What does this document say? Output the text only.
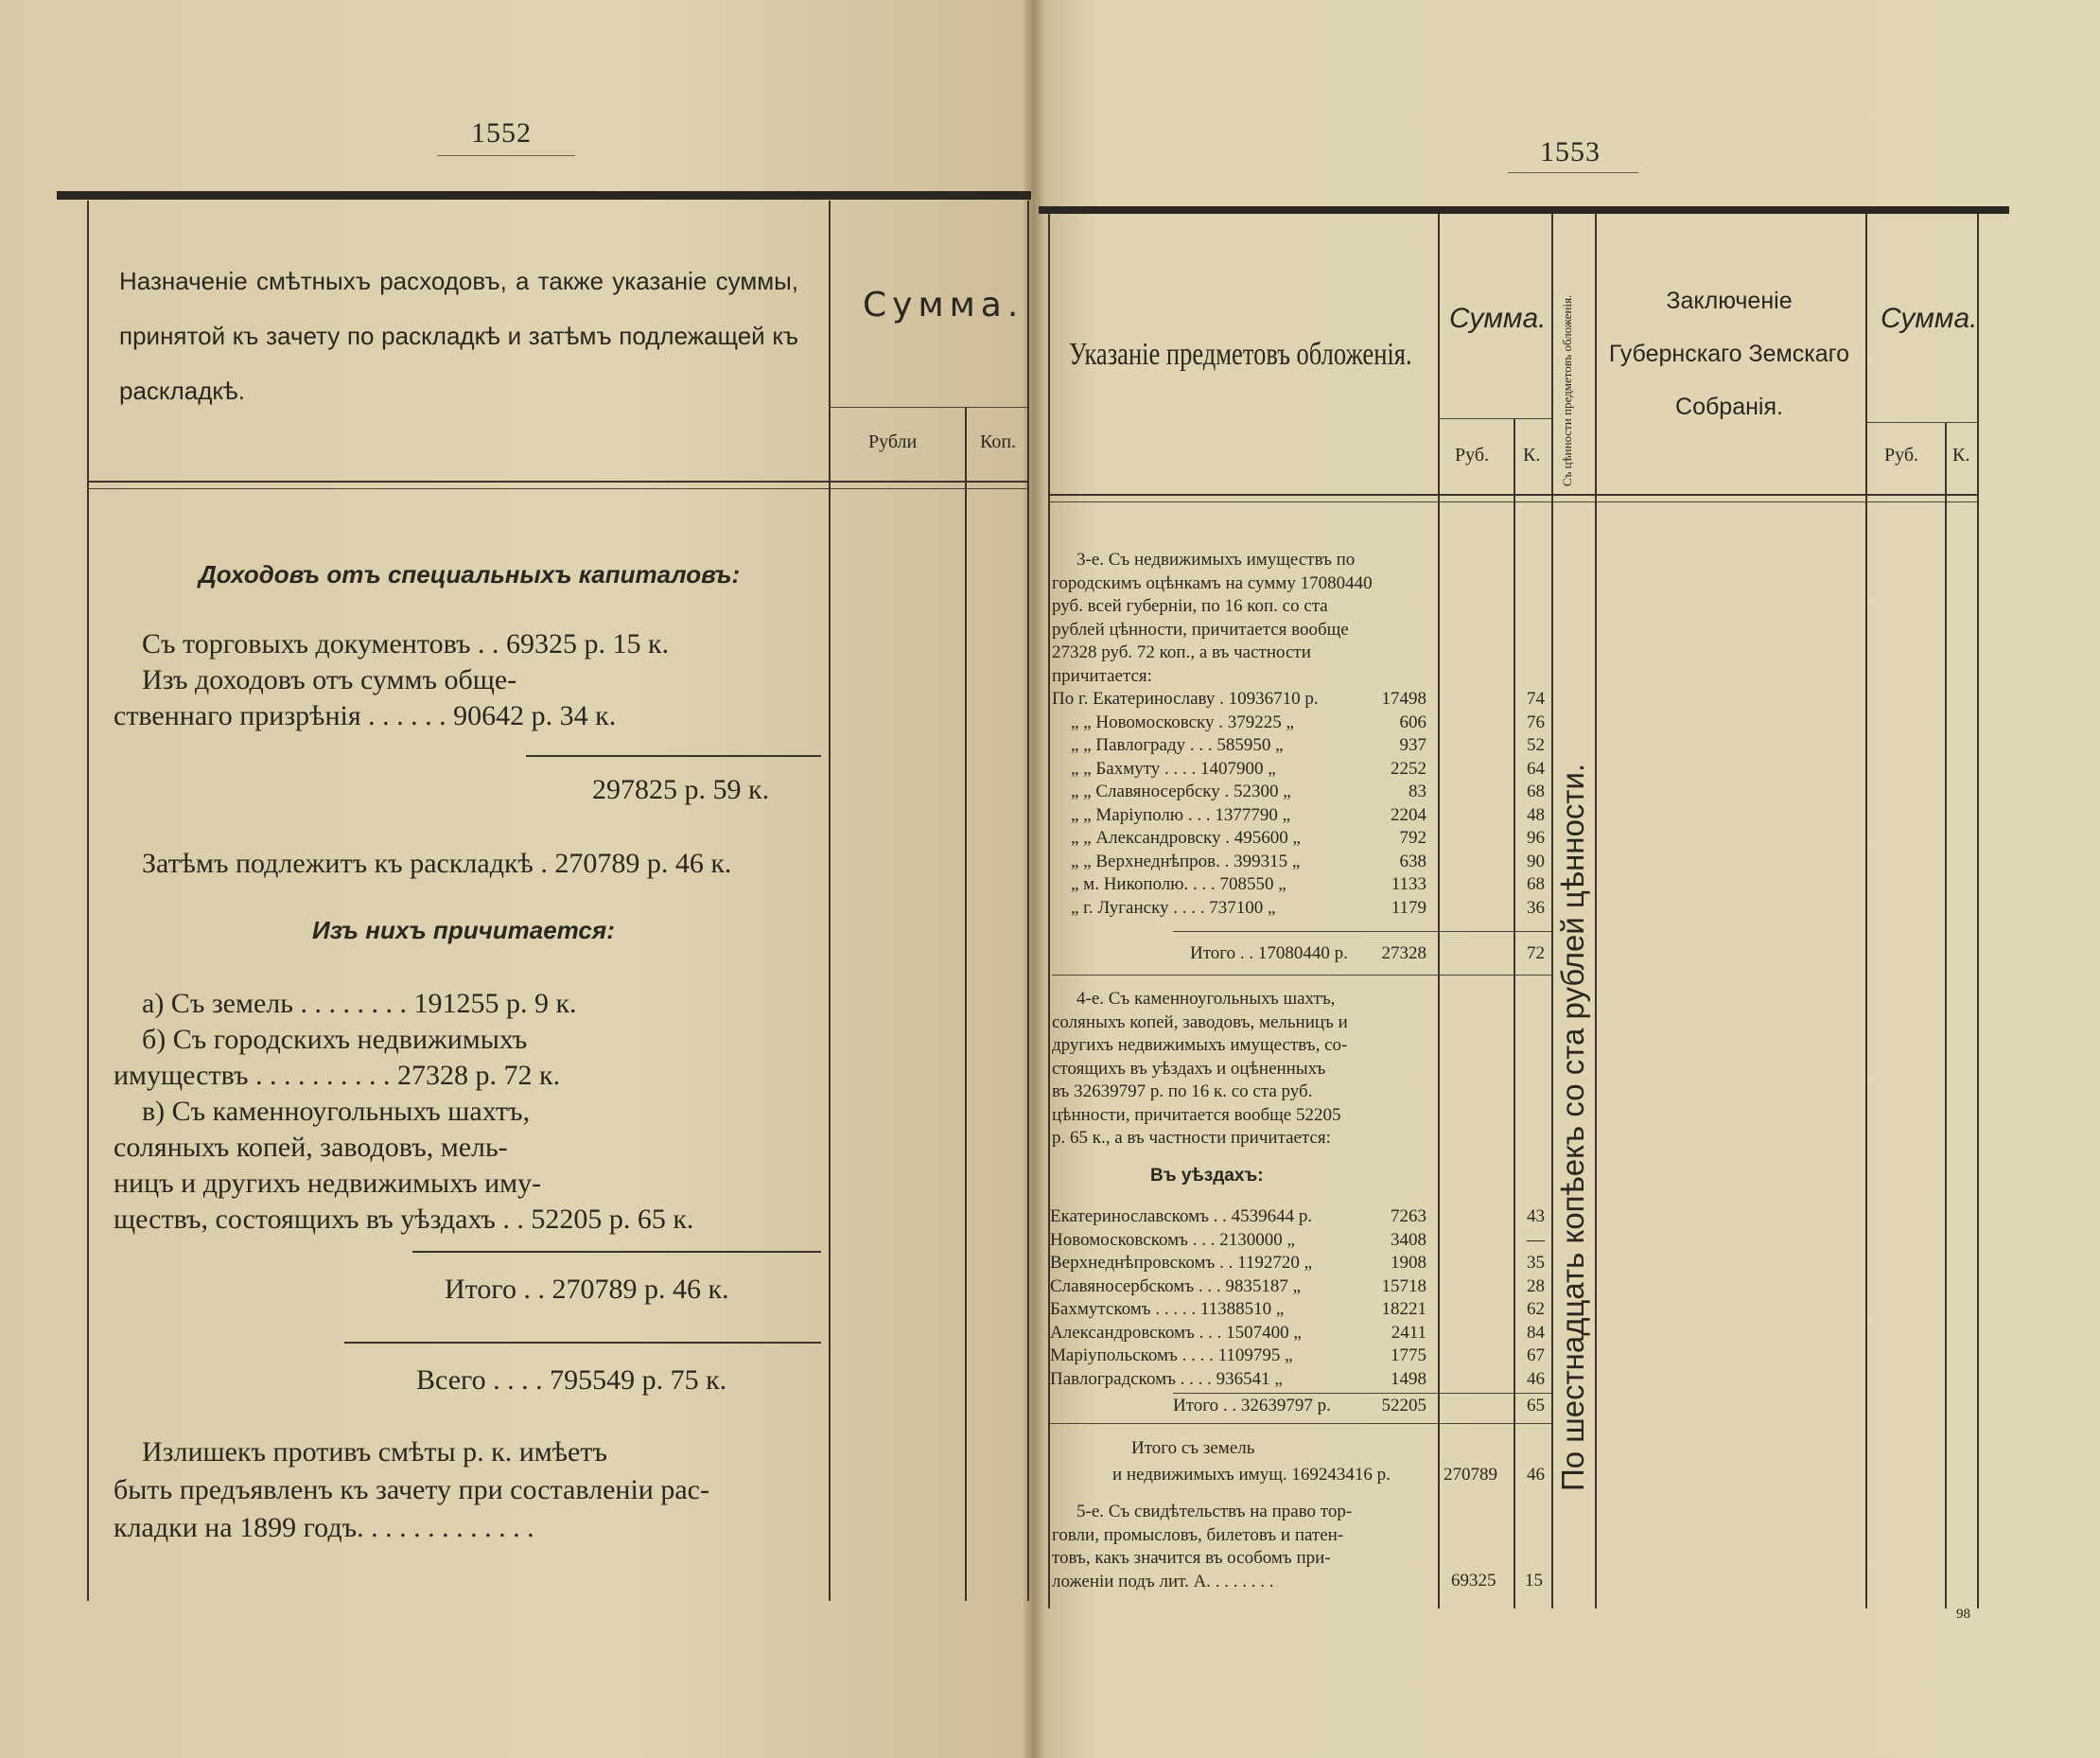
1552
Назначеніе смѣтныхъ расходовъ, а также указаніе суммы, принятой къ зачету по раскладкѣ и затѣмъ подлежащей къ раскладкѣ.
Сумма.
Рубли	Коп.
Доходовъ отъ специальныхъ капиталовъ:
Съ торговыхъ документовъ . . 69325 р. 15 к.
Изъ доходовъ отъ суммъ обще-
ственнаго призрѣнія . . . . . . 90642 р. 34 к.
297825 р. 59 к.
Затѣмъ подлежитъ къ раскладкѣ . 270789 р. 46 к.
Изъ нихъ причитается:
а) Съ земель . . . . . . . . 191255 р. 9 к.
б) Съ городскихъ недвижимыхъ
имуществъ . . . . . . . . . . 27328 р. 72 к.
в) Съ каменноугольныхъ шахтъ,
соляныхъ копей, заводовъ, мель-
ницъ и другихъ недвижимыхъ иму-
ществъ, состоящихъ въ уѣздахъ . . 52205 р. 65 к.
Итого . . 270789 р. 46 к.
Всего . . . . 795549 р. 75 к.
Излишекъ противъ смѣты р. к. имѣетъ
быть предъявленъ къ зачету при составленіи рас-
кладки на 1899 годъ. . . . . . . . . . . . .
1553
Указаніе предметовъ обложенія.
Сумма.
Руб. К. Съ цѣнности предметовъ обложенія.	Заключеніе Губернскаго Земскаго Собранія.
Сумма.
Руб. К.
3-е. Съ недвижимыхъ имуществъ по
городскимъ оцѣнкамъ на сумму 17080440
руб. всей губерніи, по 16 коп. со ста
рублей цѣнности, причитается вообще
27328 руб. 72 коп., а въ частности
причитается:
По г. Екатеринославу . 10936710 р.	17498	74
„ „ Новомосковску . 379225 „	606	76
„ „ Павлограду . . . 585950 „	937	52
„ „ Бахмуту . . . . 1407900 „	2252	64
„ „ Славяносербску . 52300 „	83	68
„ „ Маріуполю . . . 1377790 „	2204	48
„ „ Александровску . 495600 „	792	96
„ „ Верхнеднѣпров. . 399315 „	638	90
„ м. Никополю. . . . 708550 „	1133	68
„ г. Луганску . . . . 737100 „	1179	36
Итого . . 17080440 р. 27328	72
4-е. Съ каменноугольныхъ шахтъ,
соляныхъ копей, заводовъ, мельницъ и
другихъ недвижимыхъ имуществъ, со-
стоящихъ въ уѣздахъ и оцѣненныхъ
въ 32639797 р. по 16 к. со ста руб.
цѣнности, причитается вообще 52205
р. 65 к., а въ частности причитается:
Въ уѣздахъ:
Екатеринославскомъ . . 4539644 р.	7263	43
Новомосковскомъ . . . 2130000 „	3408	—
Верхнеднѣпровскомъ . . 1192720 „	1908	35
Славяносербскомъ . . . 9835187 „	15718	28
Бахмутскомъ . . . . . 11388510 „	18221	62
Александровскомъ . . . 1507400 „	2411	84
Маріупольскомъ . . . . 1109795 „	1775	67
Павлоградскомъ . . . . 936541 „	1498	46
Итого . . 32639797 р.	52205	65
Итого съ земель
и недвижимыхъ имущ. 169243416 р.	270789 46
5-е. Съ свидѣтельствъ на право тор-
говли, промысловъ, билетовъ и патен-
товъ, какъ значится въ особомъ при-
ложеніи подъ лит. А. . . . . . . .	69325 15
По шестнадцать копѣекъ со ста рублей цѣнности.
98
